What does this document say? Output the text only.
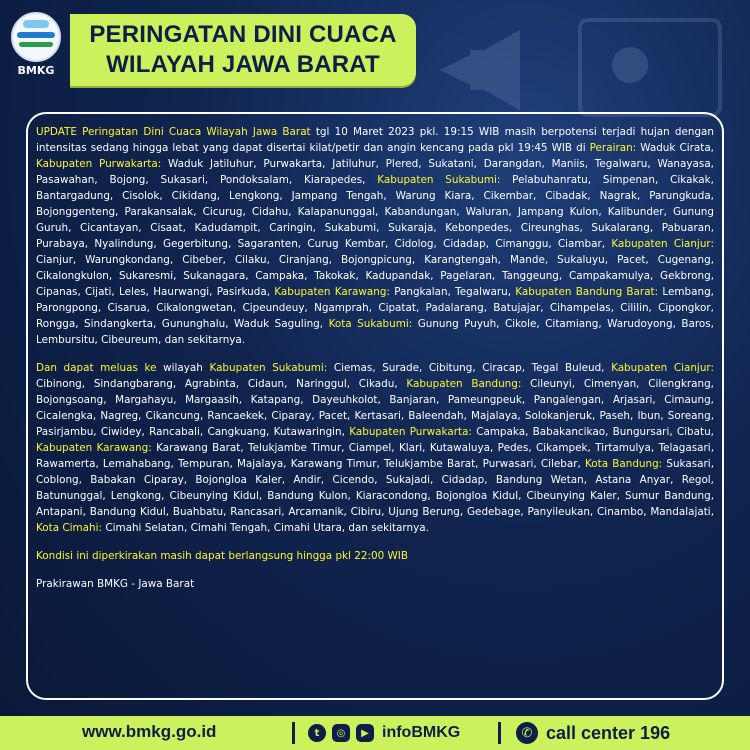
BMKG
PERINGATAN DINI CUACA
WILAYAH JAWA BARAT

UPDATE Peringatan Dini Cuaca Wilayah Jawa Barat tgl 10 Maret 2023 pkl. 19:15 WIB masih berpotensi terjadi hujan dengan intensitas sedang hingga lebat yang dapat disertai kilat/petir dan angin kencang pada pkl 19:45 WIB di Perairan: Waduk Cirata, Kabupaten Purwakarta: Waduk Jatiluhur, Purwakarta, Jatiluhur, Plered, Sukatani, Darangdan, Maniis, Tegalwaru, Wanayasa, Pasawahan, Bojong, Sukasari, Pondoksalam, Kiarapedes, Kabupaten Sukabumi: Pelabuhanratu, Simpenan, Cikakak, Bantargadung, Cisolok, Cikidang, Lengkong, Jampang Tengah, Warung Kiara, Cikembar, Cibadak, Nagrak, Parungkuda, Bojonggenteng, Parakansalak, Cicurug, Cidahu, Kalapanunggal, Kabandungan, Waluran, Jampang Kulon, Kalibunder, Gunung Guruh, Cicantayan, Cisaat, Kadudampit, Caringin, Sukabumi, Sukaraja, Kebonpedes, Cireunghas, Sukalarang, Pabuaran, Purabaya, Nyalindung, Gegerbitung, Sagaranten, Curug Kembar, Cidolog, Cidadap, Cimanggu, Ciambar, Kabupaten Cianjur: Cianjur, Warungkondang, Cibeber, Cilaku, Ciranjang, Bojongpicung, Karangtengah, Mande, Sukaluyu, Pacet, Cugenang, Cikalongkulon, Sukaresmi, Sukanagara, Campaka, Takokak, Kadupandak, Pagelaran, Tanggeung, Campakamulya, Gekbrong, Cipanas, Cijati, Leles, Haurwangi, Pasirkuda, Kabupaten Karawang: Pangkalan, Tegalwaru, Kabupaten Bandung Barat: Lembang, Parongpong, Cisarua, Cikalongwetan, Cipeundeuy, Ngamprah, Cipatat, Padalarang, Batujajar, Cihampelas, Cililin, Cipongkor, Rongga, Sindangkerta, Gununghalu, Waduk Saguling, Kota Sukabumi: Gunung Puyuh, Cikole, Citamiang, Warudoyong, Baros, Lembursitu, Cibeureum, dan sekitarnya.

Dan dapat meluas ke wilayah Kabupaten Sukabumi: Ciemas, Surade, Cibitung, Ciracap, Tegal Buleud, Kabupaten Cianjur: Cibinong, Sindangbarang, Agrabinta, Cidaun, Naringgul, Cikadu, Kabupaten Bandung: Cileunyi, Cimenyan, Cilengkrang, Bojongsoang, Margahayu, Margaasih, Katapang, Dayeuhkolot, Banjaran, Pameungpeuk, Pangalengan, Arjasari, Cimaung, Cicalengka, Nagreg, Cikancung, Rancaekek, Ciparay, Pacet, Kertasari, Baleendah, Majalaya, Solokanjeruk, Paseh, Ibun, Soreang, Pasirjambu, Ciwidey, Rancabali, Cangkuang, Kutawaringin, Kabupaten Purwakarta: Campaka, Babakancikao, Bungursari, Cibatu, Kabupaten Karawang: Karawang Barat, Telukjambe Timur, Ciampel, Klari, Kutawaluya, Pedes, Cikampek, Tirtamulya, Telagasari, Rawamerta, Lemahabang, Tempuran, Majalaya, Karawang Timur, Telukjambe Barat, Purwasari, Cilebar, Kota Bandung: Sukasari, Coblong, Babakan Ciparay, Bojongloa Kaler, Andir, Cicendo, Sukajadi, Cidadap, Bandung Wetan, Astana Anyar, Regol, Batununggal, Lengkong, Cibeunying Kidul, Bandung Kulon, Kiaracondong, Bojongloa Kidul, Cibeunying Kaler, Sumur Bandung, Antapani, Bandung Kidul, Buahbatu, Rancasari, Arcamanik, Cibiru, Ujung Berung, Gedebage, Panyileukan, Cinambo, Mandalajati, Kota Cimahi: Cimahi Selatan, Cimahi Tengah, Cimahi Utara, dan sekitarnya.

Kondisi ini diperkirakan masih dapat berlangsung hingga pkl 22:00 WIB

Prakirawan BMKG - Jawa Barat

www.bmkg.go.id	t	◎	▶ infoBMKG	✆ call center 196
